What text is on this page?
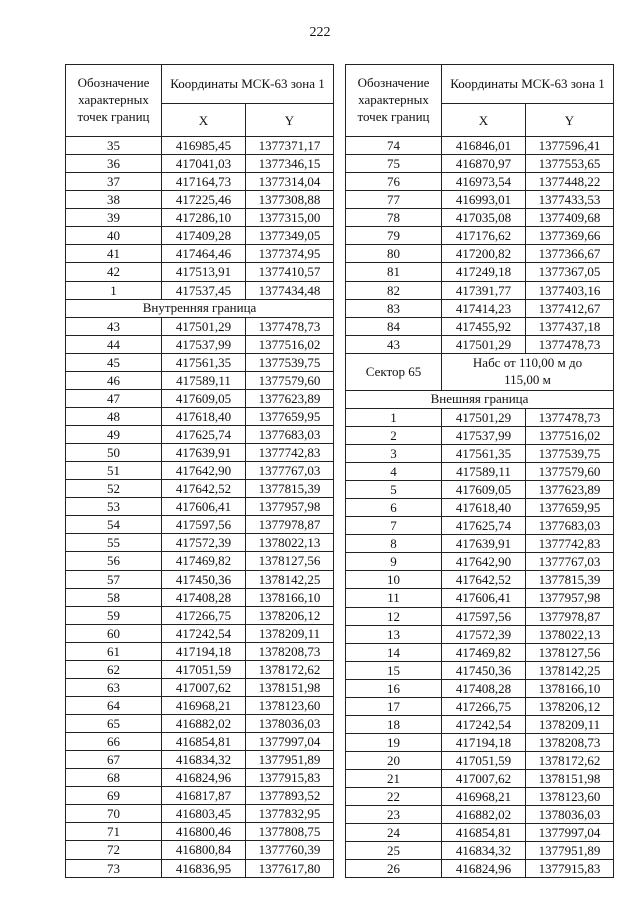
222
Обозначение характерных точек границ	Координаты МСК-63 зона 1	
	X	Y
35	416985,45	1377371,17
36	417041,03	1377346,15
37	417164,73	1377314,04
38	417225,46	1377308,88
39	417286,10	1377315,00
40	417409,28	1377349,05
41	417464,46	1377374,95
42	417513,91	1377410,57
1	417537,45	1377434,48
Внутренняя граница		
43	417501,29	1377478,73
44	417537,99	1377516,02
45	417561,35	1377539,75
46	417589,11	1377579,60
47	417609,05	1377623,89
48	417618,40	1377659,95
49	417625,74	1377683,03
50	417639,91	1377742,83
51	417642,90	1377767,03
52	417642,52	1377815,39
53	417606,41	1377957,98
54	417597,56	1377978,87
55	417572,39	1378022,13
56	417469,82	1378127,56
57	417450,36	1378142,25
58	417408,28	1378166,10
59	417266,75	1378206,12
60	417242,54	1378209,11
61	417194,18	1378208,73
62	417051,59	1378172,62
63	417007,62	1378151,98
64	416968,21	1378123,60
65	416882,02	1378036,03
66	416854,81	1377997,04
67	416834,32	1377951,89
68	416824,96	1377915,83
69	416817,87	1377893,52
70	416803,45	1377832,95
71	416800,46	1377808,75
72	416800,84	1377760,39
73	416836,95	1377617,80
Обозначение характерных точек границ	Координаты МСК-63 зона 1	
	X	Y
74	416846,01	1377596,41
75	416870,97	1377553,65
76	416973,54	1377448,22
77	416993,01	1377433,53
78	417035,08	1377409,68
79	417176,62	1377369,66
80	417200,82	1377366,67
81	417249,18	1377367,05
82	417391,77	1377403,16
83	417414,23	1377412,67
84	417455,92	1377437,18
43	417501,29	1377478,73
Сектор 65	Набс от 110,00 м до 115,00 м	
Внешняя граница		
1	417501,29	1377478,73
2	417537,99	1377516,02
3	417561,35	1377539,75
4	417589,11	1377579,60
5	417609,05	1377623,89
6	417618,40	1377659,95
7	417625,74	1377683,03
8	417639,91	1377742,83
9	417642,90	1377767,03
10	417642,52	1377815,39
11	417606,41	1377957,98
12	417597,56	1377978,87
13	417572,39	1378022,13
14	417469,82	1378127,56
15	417450,36	1378142,25
16	417408,28	1378166,10
17	417266,75	1378206,12
18	417242,54	1378209,11
19	417194,18	1378208,73
20	417051,59	1378172,62
21	417007,62	1378151,98
22	416968,21	1378123,60
23	416882,02	1378036,03
24	416854,81	1377997,04
25	416834,32	1377951,89
26	416824,96	1377915,83
